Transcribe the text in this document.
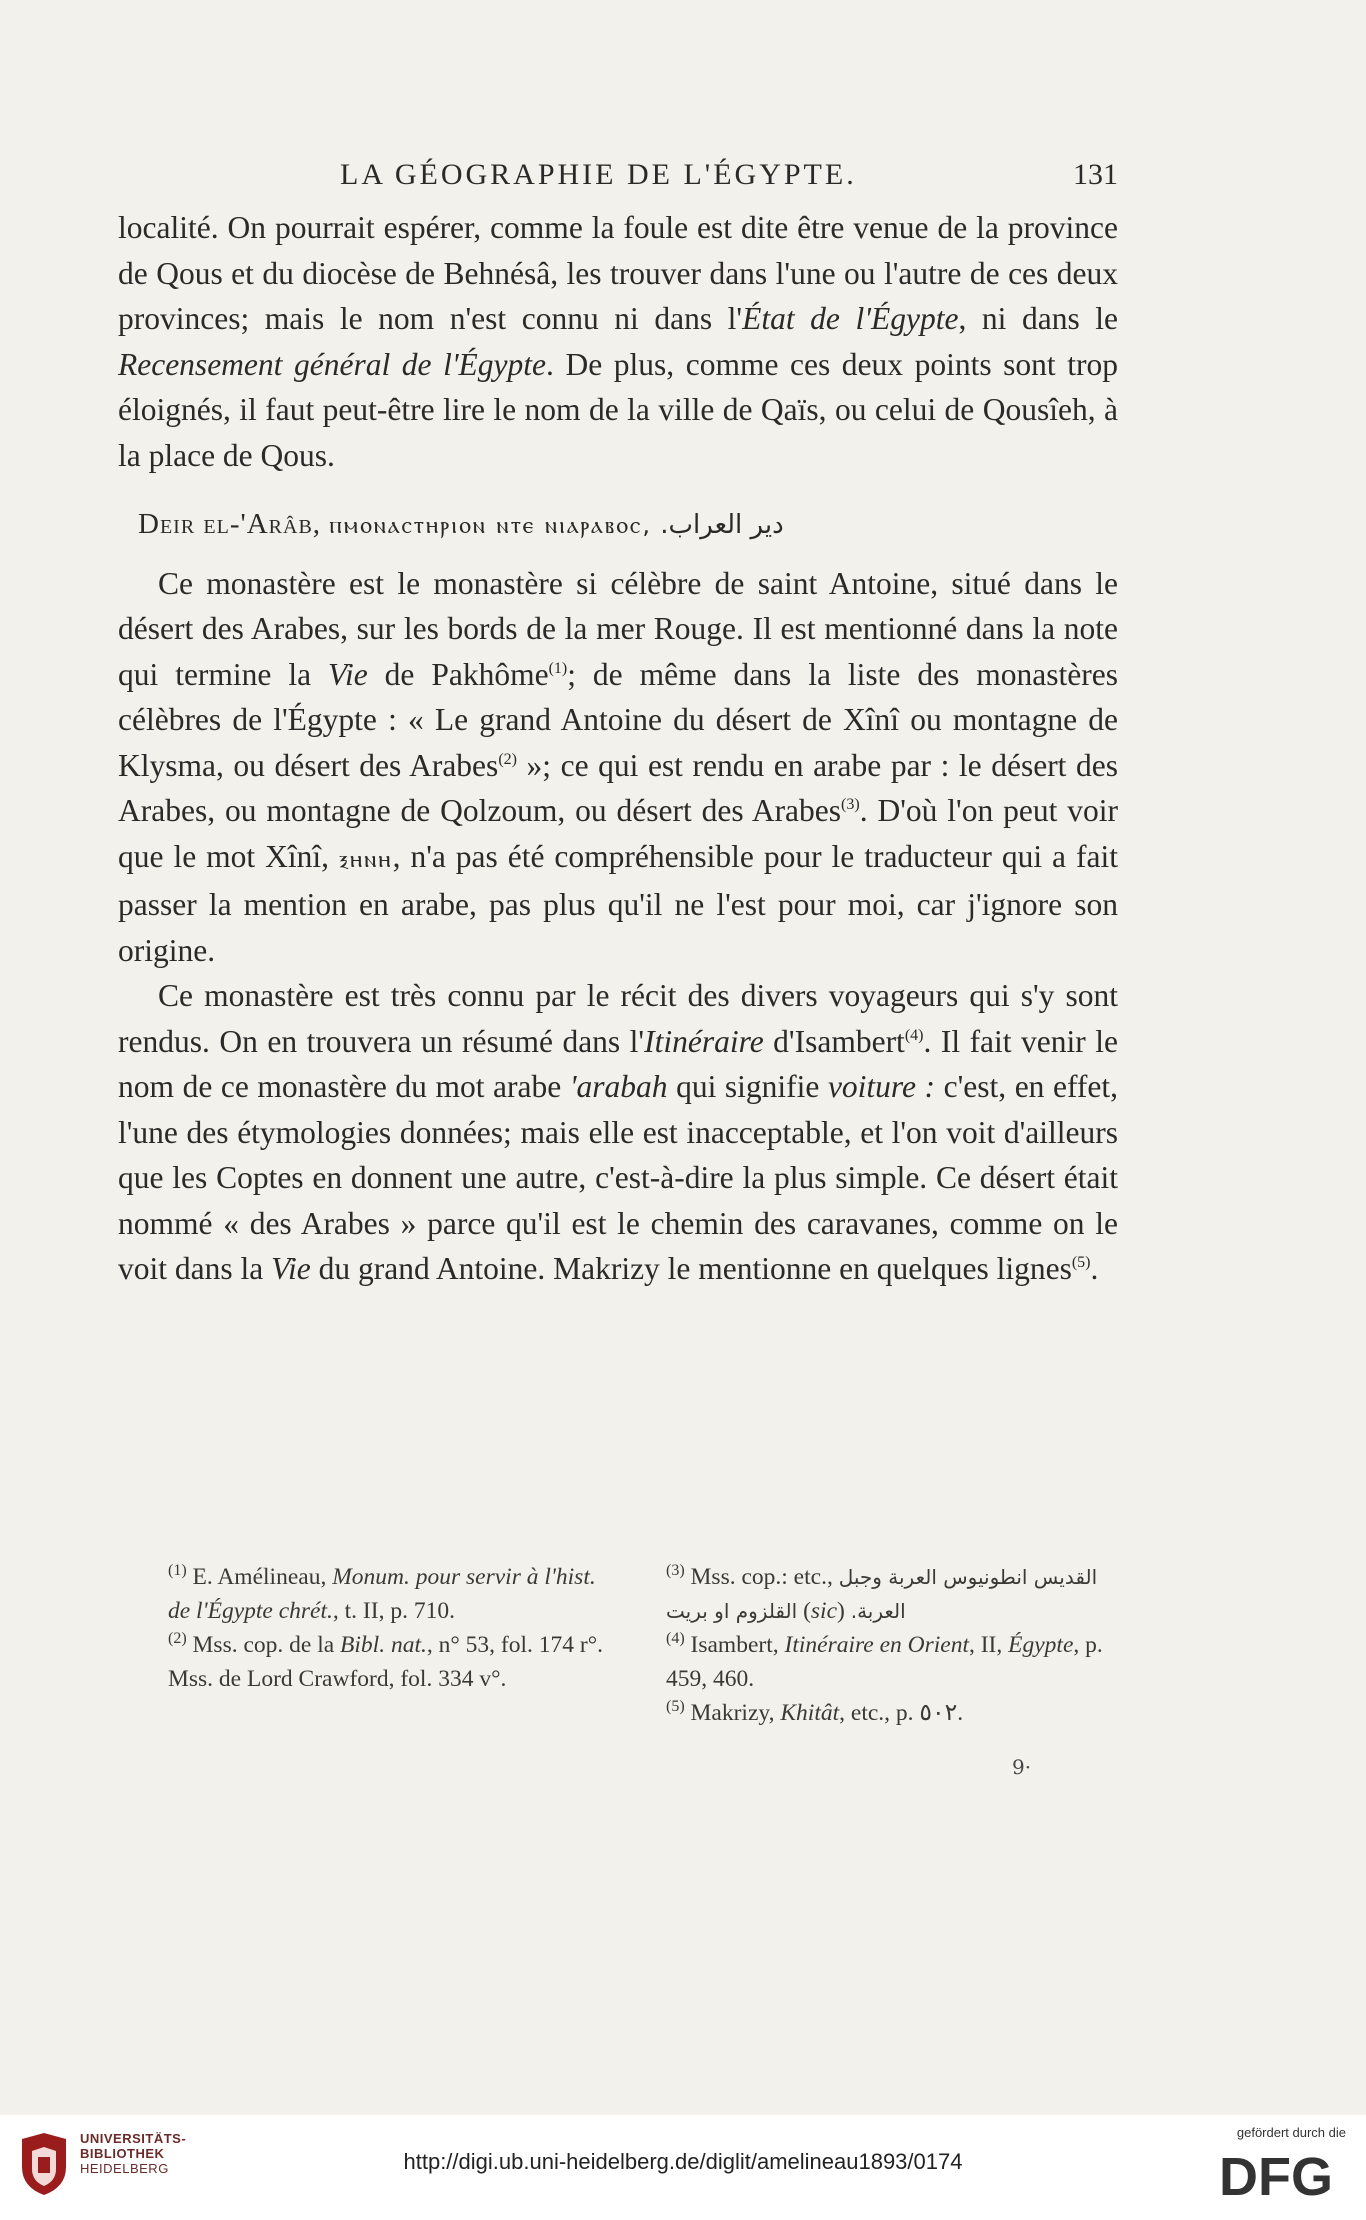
LA GÉOGRAPHIE DE L'ÉGYPTE.	131

localité. On pourrait espérer, comme la foule est dite être venue de la province de Qous et du diocèse de Behnésâ, les trouver dans l'une ou l'autre de ces deux provinces; mais le nom n'est connu ni dans l'État de l'Égypte, ni dans le Recensement général de l'Égypte. De plus, comme ces deux points sont trop éloignés, il faut peut-être lire le nom de la ville de Qaïs, ou celui de Qousîeh, à la place de Qous.

Deir el-'Arâb, ⲡⲙⲟⲛⲁⲥⲧⲏⲣⲓⲟⲛ ⲛⲧⲉ ⲛⲓⲁⲣⲁⲃⲟⲥ, دير العراب.

Ce monastère est le monastère si célèbre de saint Antoine, situé dans le désert des Arabes, sur les bords de la mer Rouge. Il est mentionné dans la note qui termine la Vie de Pakhôme$^{(1)}$; de même dans la liste des monastères célèbres de l'Égypte : « Le grand Antoine du désert de Xînî ou montagne de Klysma, ou désert des Arabes$^{(2)}$ »; ce qui est rendu en arabe par : le désert des Arabes, ou montagne de Qolzoum, ou désert des Arabes$^{(3)}$. D'où l'on peut voir que le mot Xînî, ⲝⲏⲛⲏ, n'a pas été compréhensible pour le traducteur qui a fait passer la mention en arabe, pas plus qu'il ne l'est pour moi, car j'ignore son origine.

Ce monastère est très connu par le récit des divers voyageurs qui s'y sont rendus. On en trouvera un résumé dans l'Itinéraire d'Isambert$^{(4)}$. Il fait venir le nom de ce monastère du mot arabe 'arabah qui signifie voiture : c'est, en effet, l'une des étymologies données; mais elle est inacceptable, et l'on voit d'ailleurs que les Coptes en donnent une autre, c'est-à-dire la plus simple. Ce désert était nommé « des Arabes » parce qu'il est le chemin des caravanes, comme on le voit dans la Vie du grand Antoine. Makrizy le mentionne en quelques lignes$^{(5)}$.

$^{(1)}$ E. Amélineau, Monum. pour servir à l'hist. de l'Égypte chrét., t. II, p. 710.

$^{(2)}$ Mss. cop. de la Bibl. nat., n° 53, fol. 174 r°. Mss. de Lord Crawford, fol. 334 v°.

$^{(3)}$ Mss. cop.: etc., القديس انطونيوس العربة وجبل القلزوم او بريت (sic) العربة.

$^{(4)}$ Isambert, Itinéraire en Orient, II, Égypte, p. 459, 460.

$^{(5)}$ Makrizy, Khitât, etc., p. ٥٠٢.

9·
UNIVERSITÄTS-
BIBLIOTHEK
HEIDELBERG	http://digi.ub.uni-heidelberg.de/diglit/amelineau1893/0174
gefördert durch die
DFG
